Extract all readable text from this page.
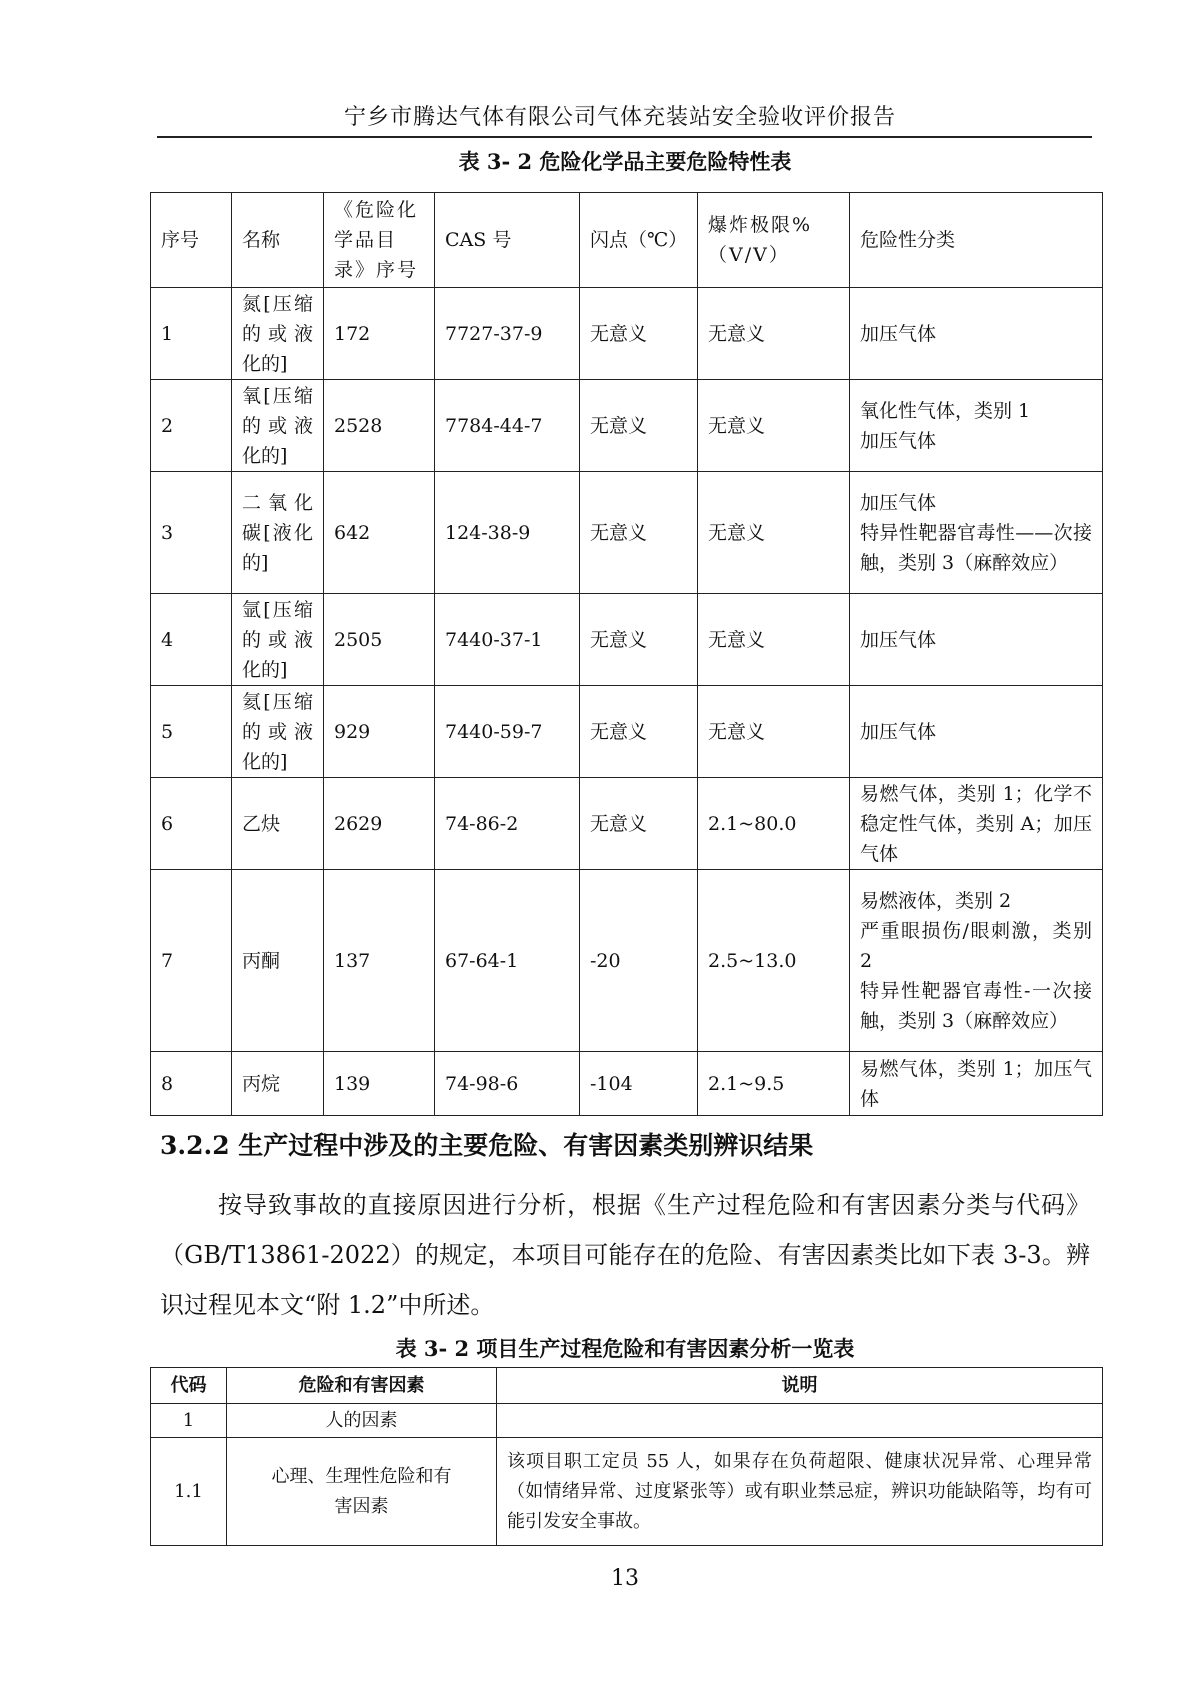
宁乡市腾达气体有限公司气体充装站安全验收评价报告
表 3- 2 危险化学品主要危险特性表
序号	名称	《危险化学品目录》序号	CAS 号	闪点（℃）	爆炸极限%（V/V）	危险性分类
1	氮[压缩的或液化的]	172	7727-37-9	无意义	无意义	加压气体
2	氧[压缩的或液化的]	2528	7784-44-7	无意义	无意义	氧化性气体，类别 1
加压气体
3	二氧化碳[液化的]	642	124-38-9	无意义	无意义	加压气体
特异性靶器官毒性——次接触，类别 3（麻醉效应）
4	氩[压缩的或液化的]	2505	7440-37-1	无意义	无意义	加压气体
5	氦[压缩的或液化的]	929	7440-59-7	无意义	无意义	加压气体
6	乙炔	2629	74-86-2	无意义	2.1~80.0	易燃气体，类别 1；化学不稳定性气体，类别 A；加压气体
7	丙酮	137	67-64-1	-20	2.5~13.0	易燃液体，类别 2
严重眼损伤/眼刺激，类别 2
特异性靶器官毒性-一次接触，类别 3（麻醉效应）
8	丙烷	139	74-98-6	-104	2.1~9.5	易燃气体，类别 1；加压气体
3.2.2 生产过程中涉及的主要危险、有害因素类别辨识结果
按导致事故的直接原因进行分析，根据《生产过程危险和有害因素分类与代码》（GB/T13861-2022）的规定，本项目可能存在的危险、有害因素类比如下表 3-3。辨识过程见本文“附 1.2”中所述。
表 3- 2 项目生产过程危险和有害因素分析一览表
代码	危险和有害因素	说明
1	人的因素	
1.1	心理、生理性危险和有害因素	该项目职工定员 55 人，如果存在负荷超限、健康状况异常、心理异常（如情绪异常、过度紧张等）或有职业禁忌症，辨识功能缺陷等，均有可能引发安全事故。
13
